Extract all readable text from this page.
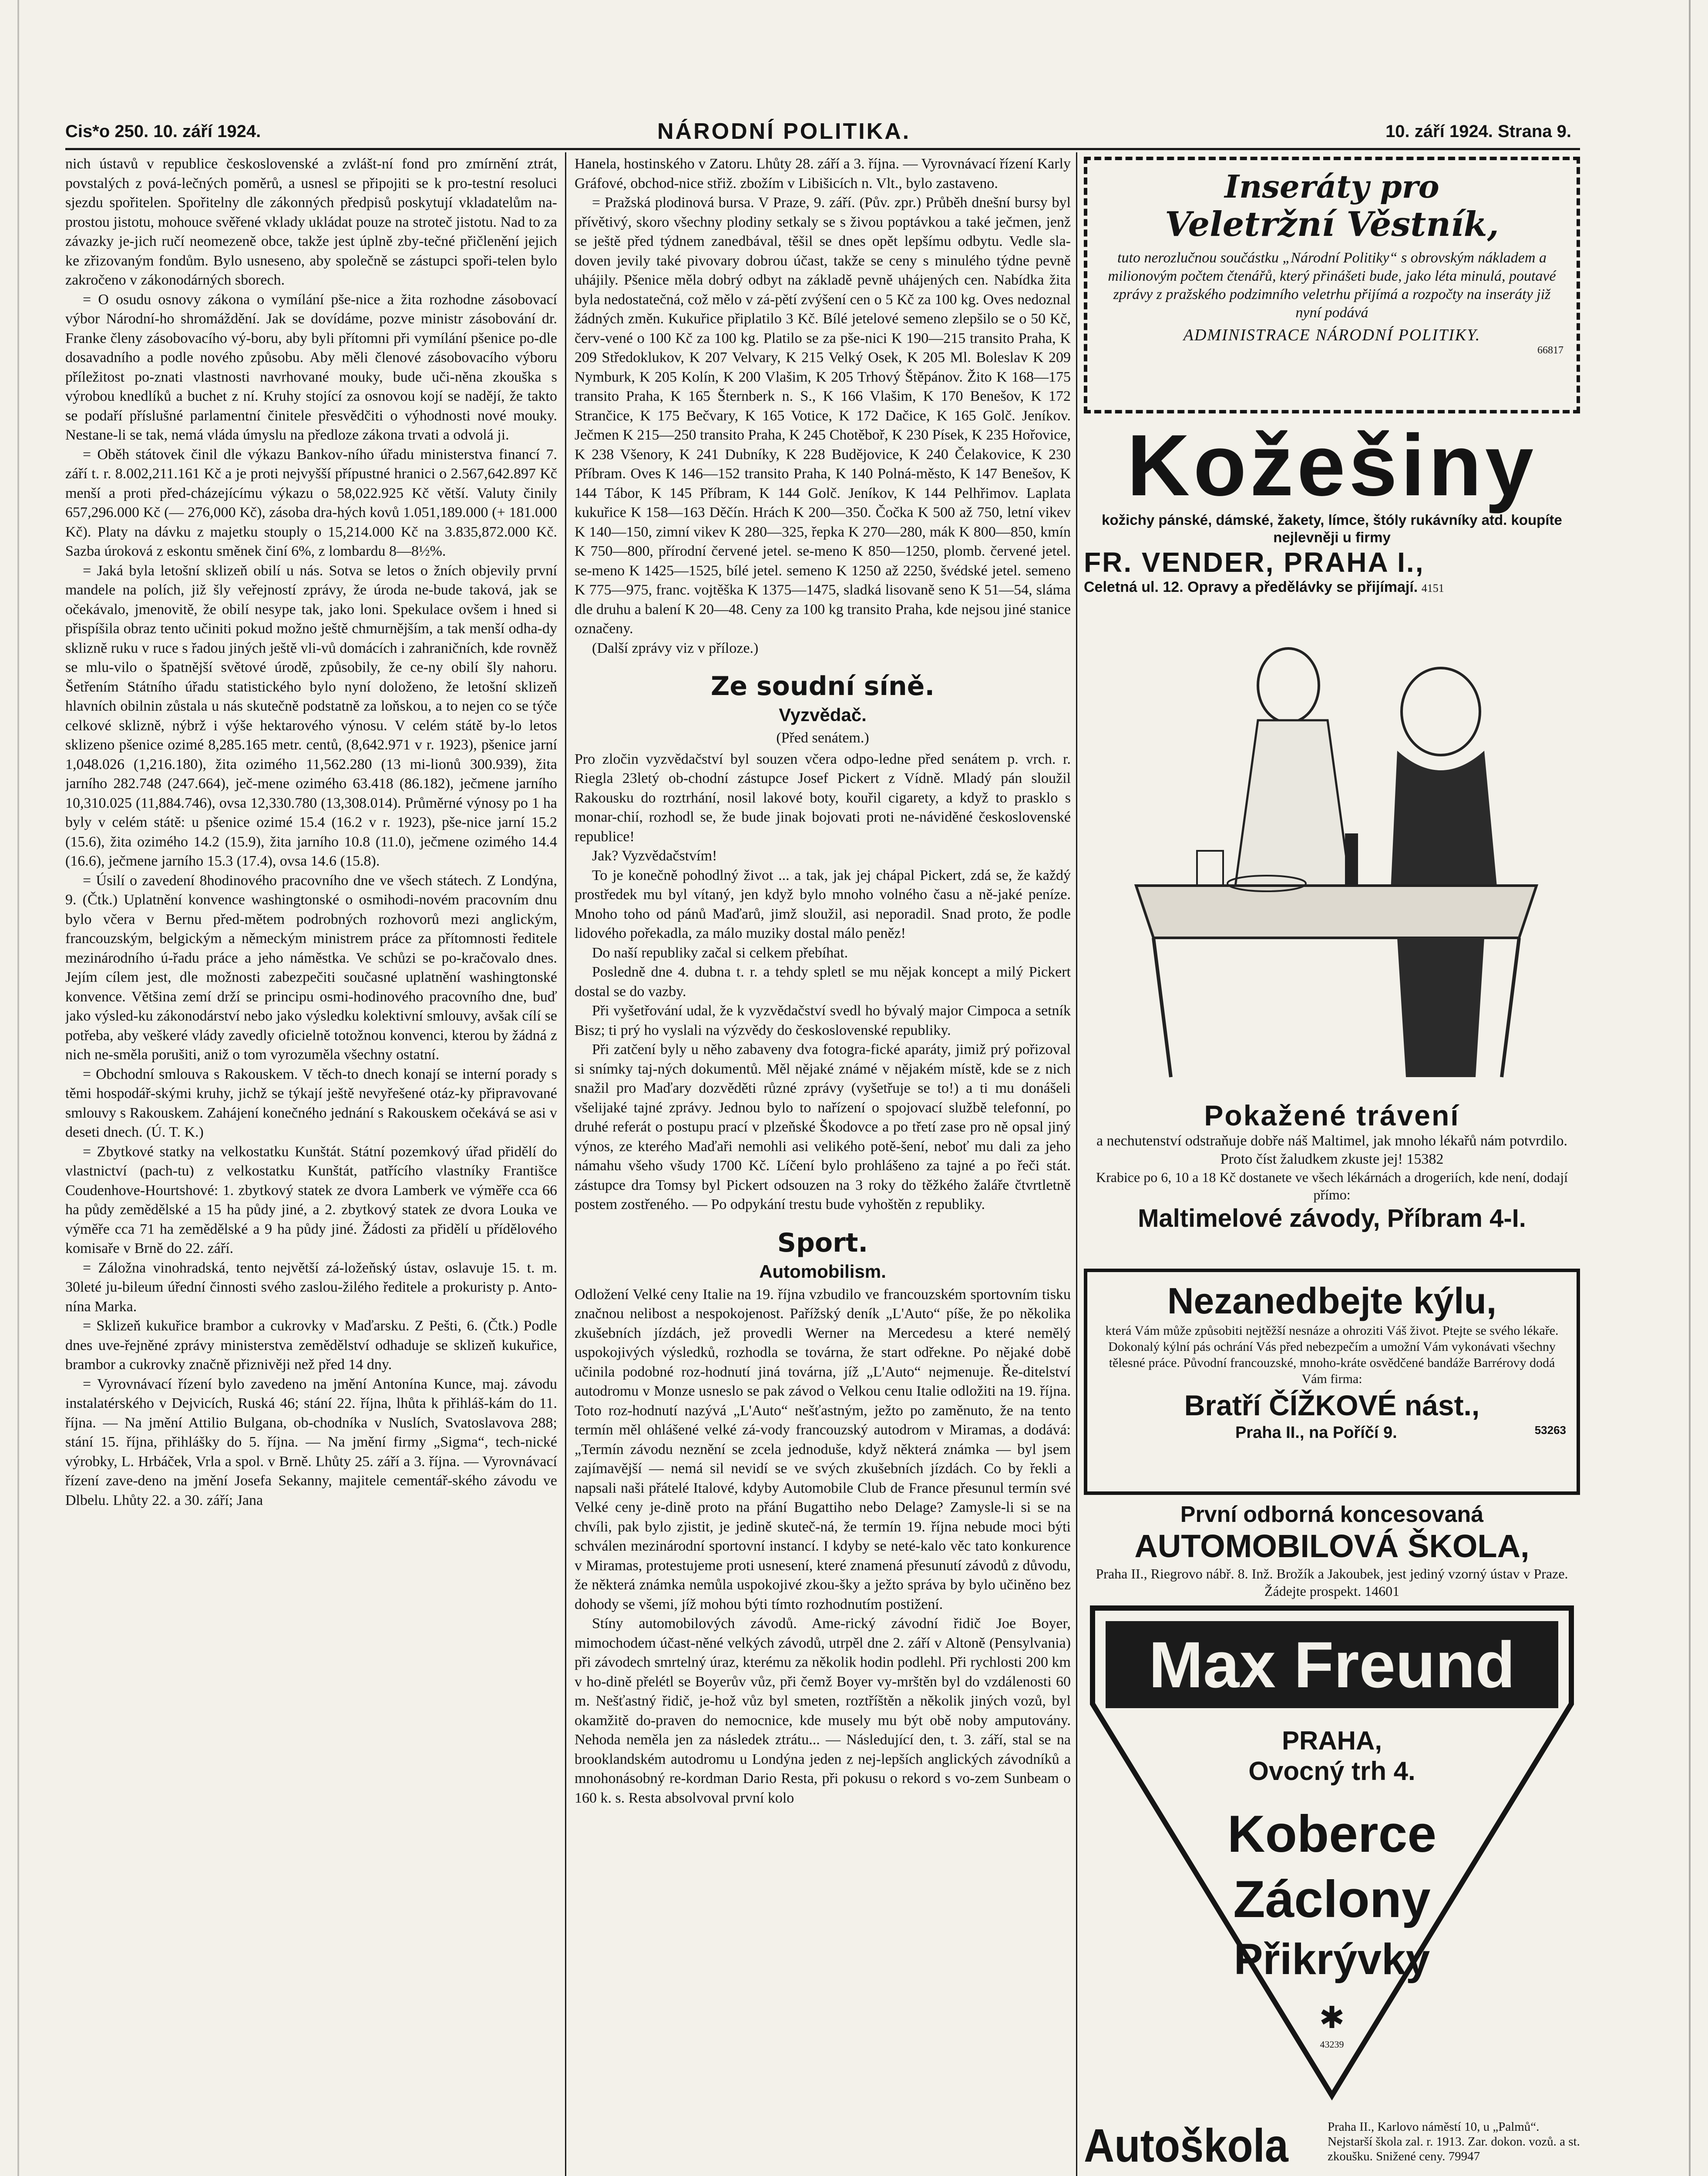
Cis*o 250. 10. září 1924.	NÁRODNÍ POLITIKA.	10. září 1924. Strana 9.

nich ústavů v republice československé a zvlášt-ní fond pro zmírnění ztrát, povstalých z pová-lečných poměrů, a usnesl se připojiti se k pro-testní resoluci sjezdu spořitelen. Spořitelny dle zákonných předpisů poskytují vkladatelům na-prostou jistotu, mohouce svěřené vklady ukládat pouze na stroteč jistotu. Nad to za závazky je-jich ručí neomezeně obce, takže jest úplně zby-tečné přičlenění jejich ke zřizovaným fondům. Bylo usneseno, aby společně se zástupci spoři-telen bylo zakročeno v zákonodárných sborech.

= O osudu osnovy zákona o vymílání pše-nice a žita rozhodne zásobovací výbor Národní-ho shromáždění. Jak se dovídáme, pozve ministr zásobování dr. Franke členy zásobovacího vý-boru, aby byli přítomni při vymílání pšenice po-dle dosavadního a podle nového způsobu. Aby měli členové zásobovacího výboru příležitost po-znati vlastnosti navrhované mouky, bude uči-něna zkouška s výrobou knedlíků a buchet z ní. Kruhy stojící za osnovou kojí se nadějí, že takto se podaří příslušné parlamentní činitele přesvědčiti o výhodnosti nové mouky. Nestane-li se tak, nemá vláda úmyslu na předloze zákona trvati a odvolá ji.

= Oběh státovek činil dle výkazu Bankov-ního úřadu ministerstva financí 7. září t. r. 8.002,211.161 Kč a je proti nejvyšší přípustné hranici o 2.567,642.897 Kč menší a proti před-cházejícímu výkazu o 58,022.925 Kč větší. Valuty činily 657,296.000 Kč (— 276,000 Kč), zásoba dra-hých kovů 1.051,189.000 (+ 181.000 Kč). Platy na dávku z majetku stouply o 15,214.000 Kč na 3.835,872.000 Kč. Sazba úroková z eskontu směnek činí 6%, z lombardu 8—8½%.

= Jaká byla letošní sklizeň obilí u nás. Sotva se letos o žních objevily první mandele na polích, již šly veřejností zprávy, že úroda ne-bude taková, jak se očekávalo, jmenovitě, že obilí nesype tak, jako loni. Spekulace ovšem i hned si přispíšila obraz tento učiniti pokud možno ještě chmurnějším, a tak menší odha-dy sklizně ruku v ruce s řadou jiných ještě vli-vů domácích i zahraničních, kde rovněž se mlu-vilo o špatnější světové úrodě, způsobily, že ce-ny obilí šly nahoru. Šetřením Státního úřadu statistického bylo nyní doloženo, že letošní sklizeň hlavních obilnin zůstala u nás skutečně podstatně za loňskou, a to nejen co se týče celkové sklizně, nýbrž i výše hektarového výnosu. V celém státě by-lo letos sklizeno pšenice ozimé 8,285.165 metr. centů, (8,642.971 v r. 1923), pšenice jarní 1,048.026 (1,216.180), žita ozimého 11,562.280 (13 mi-lionů 300.939), žita jarního 282.748 (247.664), ječ-mene ozimého 63.418 (86.182), ječmene jarního 10,310.025 (11,884.746), ovsa 12,330.780 (13,308.014). Průměrné výnosy po 1 ha byly v celém státě: u pšenice ozimé 15.4 (16.2 v r. 1923), pše-nice jarní 15.2 (15.6), žita ozimého 14.2 (15.9), žita jarního 10.8 (11.0), ječmene ozimého 14.4 (16.6), ječmene jarního 15.3 (17.4), ovsa 14.6 (15.8).

= Úsilí o zavedení 8hodinového pracovního dne ve všech státech. Z Londýna, 9. (Čtk.) Uplatnění konvence washingtonské o osmihodi-novém pracovním dnu bylo včera v Bernu před-mětem podrobných rozhovorů mezi anglickým, francouzským, belgickým a německým ministrem práce za přítomnosti ředitele mezinárodního ú-řadu práce a jeho náměstka. Ve schůzi se po-kračovalo dnes. Jejím cílem jest, dle možnosti zabezpečiti současné uplatnění washingtonské konvence. Většina zemí drží se principu osmi-hodinového pracovního dne, buď jako výsled-ku zákonodárství nebo jako výsledku kolektivní smlouvy, avšak cílí se potřeba, aby veškeré vlády zavedly oficielně totožnou konvenci, kterou by žádná z nich ne-směla porušiti, aniž o tom vyrozuměla všechny ostatní.

= Obchodní smlouva s Rakouskem. V těch-to dnech konají se interní porady s těmi hospodář-skými kruhy, jichž se týkají ještě nevyřešené otáz-ky připravované smlouvy s Rakouskem. Zahájení konečného jednání s Rakouskem očekává se asi v deseti dnech. (Ú. T. K.)

= Zbytkové statky na velkostatku Kunštát. Státní pozemkový úřad přidělí do vlastnictví (pach-tu) z velkostatku Kunštát, patřícího vlastníky Františce Coudenhove-Hourtshové: 1. zbytkový statek ze dvora Lamberk ve výměře cca 66 ha půdy zemědělské a 15 ha půdy jiné, a 2. zbytkový statek ze dvora Louka ve výměře cca 71 ha zemědělské a 9 ha půdy jiné. Žádosti za přidělí u přídělového komisaře v Brně do 22. září.

= Záložna vinohradská, tento největší zá-ložeňský ústav, oslavuje 15. t. m. 30leté ju-bileum úřední činnosti svého zaslou-žilého ředitele a prokuristy p. Anto-nína Marka.

= Sklizeň kukuřice brambor a cukrovky v Maďarsku. Z Pešti, 6. (Čtk.) Podle dnes uve-řejněné zprávy ministerstva zemědělství odhaduje se sklizeň kukuřice, brambor a cukrovky značně přiznivěji než před 14 dny.

= Vyrovnávací řízení bylo zavedeno na jmění Antonína Kunce, maj. závodu instalatérského v Dejvicích, Ruská 46; stání 22. října, lhůta k přihláš-kám do 11. října. — Na jmění Attilio Bulgana, ob-chodníka v Nuslích, Svatoslavova 288; stání 15. října, přihlášky do 5. října. — Na jmění firmy „Sigma“, tech-nické výrobky, L. Hrbáček, Vrla a spol. v Brně. Lhůty 25. září a 3. října. — Vyrovnávací řízení zave-deno na jmění Josefa Sekanny, majitele cementář-ského závodu ve Dlbelu. Lhůty 22. a 30. září; Jana

Hanela, hostinského v Zatoru. Lhůty 28. září a 3. října. — Vyrovnávací řízení Karly Gráfové, obchod-nice střiž. zbožím v Libišicích n. Vlt., bylo zastaveno.

= Pražská plodinová bursa. V Praze, 9. září. (Pův. zpr.) Průběh dnešní bursy byl přívětivý, skoro všechny plodiny setkaly se s živou poptávkou a také ječmen, jenž se ještě před týdnem zanedbával, těšil se dnes opět lepšímu odbytu. Vedle sla-doven jevily také pivovary dobrou účast, takže se ceny s minulého týdne pevně uhájily. Pšenice měla dobrý odbyt na základě pevně uhájených cen. Nabídka žita byla nedostatečná, což mělo v zá-pětí zvýšení cen o 5 Kč za 100 kg. Oves nedoznal žádných změn. Kukuřice připlatilo 3 Kč. Bílé jetelové semeno zlepšilo se o 50 Kč, červ-vené o 100 Kč za 100 kg. Platilo se za pše-nici K 190—215 transito Praha, K 209 Středoklukov, K 207 Velvary, K 215 Velký Osek, K 205 Ml. Boleslav K 209 Nymburk, K 205 Kolín, K 200 Vlašim, K 205 Trhový Štěpánov. Žito K 168—175 transito Praha, K 165 Šternberk n. S., K 166 Vlašim, K 170 Benešov, K 172 Strančice, K 175 Bečvary, K 165 Votice, K 172 Dačice, K 165 Golč. Jeníkov. Ječmen K 215—250 transito Praha, K 245 Chotěboř, K 230 Písek, K 235 Hořovice, K 238 Všenory, K 241 Dubníky, K 228 Budějovice, K 240 Čelakovice, K 230 Příbram. Oves K 146—152 transito Praha, K 140 Polná-město, K 147 Benešov, K 144 Tábor, K 145 Příbram, K 144 Golč. Jeníkov, K 144 Pelhřimov. Laplata kukuřice K 158—163 Děčín. Hrách K 200—350. Čočka K 500 až 750, letní vikev K 140—150, zimní vikev K 280—325, řepka K 270—280, mák K 800—850, kmín K 750—800, přírodní červené jetel. se-meno K 850—1250, plomb. červené jetel. se-meno K 1425—1525, bílé jetel. semeno K 1250 až 2250, švédské jetel. semeno K 775—975, franc. vojtěška K 1375—1475, sladká lisovaně seno K 51—54, sláma dle druhu a balení K 20—48. Ceny za 100 kg transito Praha, kde nejsou jiné stanice označeny.

(Další zprávy viz v příloze.)

Ze soudní síně.
Vyzvědač.
(Před senátem.)

Pro zločin vyzvědačství byl souzen včera odpo-ledne před senátem p. vrch. r. Riegla 23letý ob-chodní zástupce Josef Pickert z Vídně. Mladý pán sloužil Rakousku do roztrhání, nosil lakové boty, kouřil cigarety, a když to prasklo s monar-chií, rozhodl se, že bude jinak bojovati proti ne-náviděné československé republice!

Jak? Vyzvědačstvím!

To je konečně pohodlný život ... a tak, jak jej chápal Pickert, zdá se, že každý prostředek mu byl vítaný, jen když bylo mnoho volného času a ně-jaké peníze. Mnoho toho od pánů Maďarů, jimž sloužil, asi neporadil. Snad proto, že podle lidového pořekadla, za málo muziky dostal málo peněz!

Do naší republiky začal si celkem přebíhat.

Posledně dne 4. dubna t. r. a tehdy spletl se mu nějak koncept a milý Pickert dostal se do vazby.

Při vyšetřování udal, že k vyzvědačství svedl ho bývalý major Cimpoca a setník Bisz; ti prý ho vyslali na výzvědy do československé republiky.

Při zatčení byly u něho zabaveny dva fotogra-fické aparáty, jimiž prý pořizoval si snímky taj-ných dokumentů. Měl nějaké známé v nějakém místě, kde se z nich snažil pro Maďary dozvěděti různé zprávy (vyšetřuje se to!) a ti mu donášeli všelijaké tajné zprávy. Jednou bylo to nařízení o spojovací službě telefonní, po druhé referát o postupu prací v plzeňské Škodovce a po třetí zase pro ně opsal jiný výnos, ze kterého Maďaři nemohli asi velikého potě-šení, neboť mu dali za jeho námahu všeho všudy 1700 Kč. Líčení bylo prohlášeno za tajné a po řeči stát. zástupce dra Tomsy byl Pickert odsouzen na 3 roky do těžkého žaláře čtvrtletně postem zostřeného. — Po odpykání trestu bude vyhoštěn z republiky.

Sport.
Automobilism.

Odložení Velké ceny Italie na 19. října vzbudilo ve francouzském sportovním tisku značnou nelibost a nespokojenost. Pařížský deník „L'Auto“ píše, že po několika zkušebních jízdách, jež provedli Werner na Mercedesu a které nemělý uspokojivých výsledků, rozhodla se továrna, že start odřekne. Po nějaké době učinila podobné roz-hodnutí jiná továrna, jíž „L'Auto“ nejmenuje. Ře-ditelství autodromu v Monze usneslo se pak závod o Velkou cenu Italie odložiti na 19. října. Toto roz-hodnutí nazývá „L'Auto“ nešťastným, ježto po zaměnuto, že na tento termín měl ohlášené velké zá-vody francouzský autodrom v Miramas, a dodává: „Termín závodu neznění se zcela jednoduše, když některá známka — byl jsem zajímavější — nemá sil nevidí se ve svých zkušebních jízdách. Co by řekli a napsali naši přátelé Italové, kdyby Automobile Club de France přesunul termín své Velké ceny je-dině proto na přání Bugattiho nebo Delage? Zamysle-li si se na chvíli, pak bylo zjistit, je jedině skuteč-ná, že termín 19. října nebude moci býti schválen mezinárodní sportovní instancí. I kdyby se neté-kalo věc tato konkurence v Miramas, protestujeme proti usnesení, které znamená přesunutí závodů z důvodu, že některá známka nemůla uspokojivé zkou-šky a ježto správa by bylo učiněno bez dohody se všemi, jíž mohou býti tímto rozhodnutím postižení.

Stíny automobilových závodů. Ame-rický závodní řidič Joe Boyer, mimochodem účast-něné velkých závodů, utrpěl dne 2. září v Altoně (Pensylvania) při závodech smrtelný úraz, kterému za několik hodin podlehl. Při rychlosti 200 km v ho-dině přelétl se Boyerův vůz, při čemž Boyer vy-mrštěn byl do vzdálenosti 60 m. Nešťastný řidič, je-hož vůz byl smeten, roztříštěn a několik jiných vozů, byl okamžitě do-praven do nemocnice, kde musely mu být obě noby amputovány. Nehoda neměla jen za následek ztrátu... — Následující den, t. 3. září, stal se na brooklandském autodromu u Londýna jeden z nej-lepších anglických závodníků a mnohonásobný re-kordman Dario Resta, při pokusu o rekord s vo-zem Sunbeam o 160 k. s. Resta absolvoval první kolo

Inseráty pro
Veletržní Věstník,
tuto nerozlučnou součástku „Národní Politiky“ s obrovským nákladem a milionovým počtem čtenářů, který přinášeti bude, jako léta minulá, poutavé zprávy z pražského podzimního veletrhu přijímá a rozpočty na inseráty již nyní podává
ADMINISTRACE NÁRODNÍ POLITIKY.
66817
Kožešiny
kožichy pánské, dámské, žakety, límce, štóly rukávníky atd. koupíte nejlevněji u firmy
FR. VENDER, PRAHA I.,
Celetná ul. 12. Opravy a předělávky se přijímají. 4151
Pokažené trávení
a nechutenství odstraňuje dobře náš Maltimel, jak mnoho lékařů nám potvrdilo. Proto číst žaludkem zkuste jej! 15382
Krabice po 6, 10 a 18 Kč dostanete ve všech lékárnách a drogeriích, kde není, dodají přímo:
Maltimelové závody, Příbram 4-I.
Nezanedbejte kýlu,
která Vám může způsobiti nejtěžší nesnáze a ohroziti Váš život. Ptejte se svého lékaře. Dokonalý kýlní pás ochrání Vás před nebezpečím a umožní Vám vykonávati všechny tělesné práce. Původní francouzské, mnoho-kráte osvědčené bandáže Barrérovy dodá Vám firma:
Bratří ČÍŽKOVÉ nást.,
Praha II., na Poříčí 9.	53263
První odborná koncesovaná
AUTOMOBILOVÁ ŠKOLA,
Praha II., Riegrovo nábř. 8. Inž. Brožík a Jakoubek, jest jediný vzorný ústav v Praze. Žádejte prospekt. 14601
Max Freund
PRAHA,
Ovocný trh 4.
Koberce
Záclony
Přikrývky
✱
43239
Autoškola	Praha II., Karlovo náměstí 10, u „Palmů“. Nejstarší škola zal. r. 1913. Zar. dokon. vozů. a st. zkoušku. Snižené ceny. 79947
